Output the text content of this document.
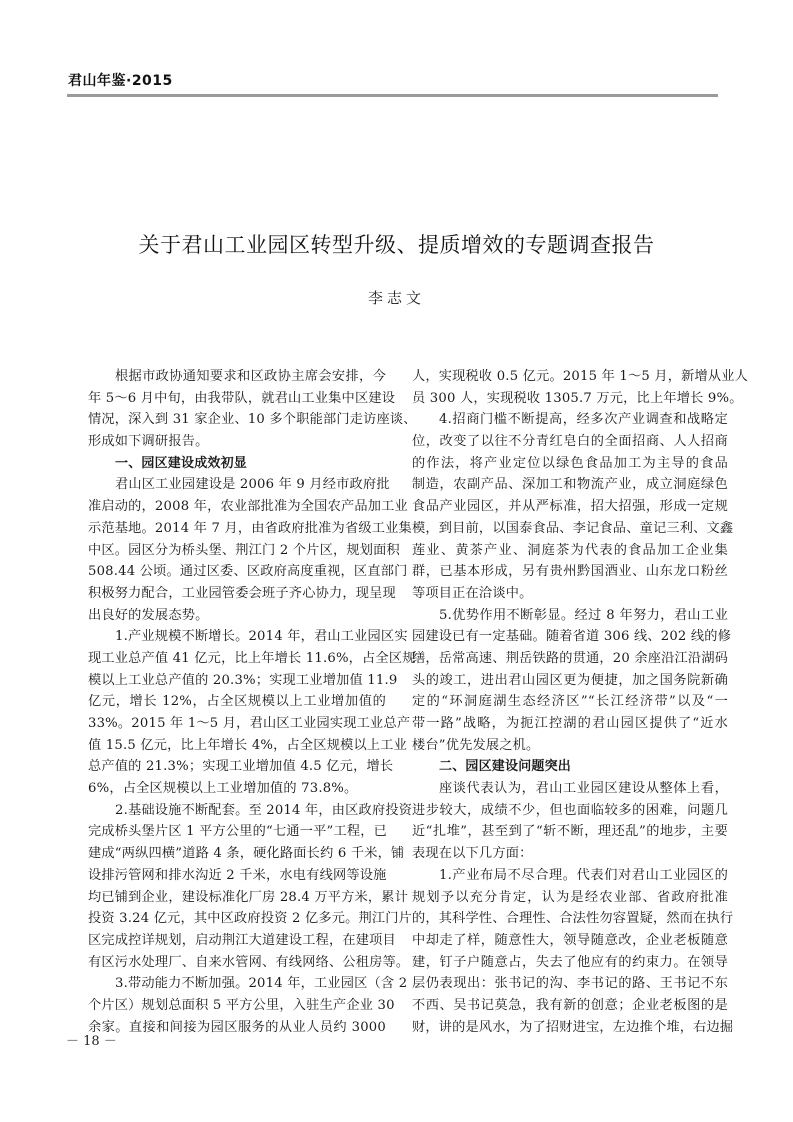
君山年鉴·2015
关于君山工业园区转型升级、提质增效的专题调查报告
李志文
根据市政协通知要求和区政协主席会安排，今
年 5～6 月中旬，由我带队，就君山工业集中区建设
情况，深入到 31 家企业、10 多个职能部门走访座谈、
形成如下调研报告。
一、园区建设成效初显
君山区工业园建设是 2006 年 9 月经市政府批
准启动的，2008 年，农业部批准为全国农产品加工业
示范基地。2014 年 7 月，由省政府批准为省级工业集
中区。园区分为桥头堡、荆江门 2 个片区，规划面积
508.44 公顷。通过区委、区政府高度重视，区直部门
积极努力配合，工业园管委会班子齐心协力，现呈现
出良好的发展态势。
1.产业规模不断增长。2014 年，君山工业园区实
现工业总产值 41 亿元，比上年增长 11.6%，占全区规
模以上工业总产值的 20.3%；实现工业增加值 11.9
亿元，增长 12%，占全区规模以上工业增加值的
33%。2015 年 1～5 月，君山区工业园实现工业总产
值 15.5 亿元，比上年增长 4%，占全区规模以上工业
总产值的 21.3%；实现工业增加值 4.5 亿元，增长
6%，占全区规模以上工业增加值的 73.8%。
2.基础设施不断配套。至 2014 年，由区政府投资
完成桥头堡片区 1 平方公里的“七通一平”工程，已
建成“两纵四横”道路 4 条，硬化路面长约 6 千米，铺
设排污管网和排水沟近 2 千米，水电有线网等设施
均已铺到企业，建设标准化厂房 28.4 万平方米，累计
投资 3.24 亿元，其中区政府投资 2 亿多元。荆江门片
区完成控详规划，启动荆江大道建设工程，在建项目
有区污水处理厂、自来水管网、有线网络、公租房等。
3.带动能力不断加强。2014 年，工业园区（含 2
个片区）规划总面积 5 平方公里，入驻生产企业 30
余家。直接和间接为园区服务的从业人员约 3000
人，实现税收 0.5 亿元。2015 年 1～5 月，新增从业人
员 300 人，实现税收 1305.7 万元，比上年增长 9%。
4.招商门槛不断提高，经多次产业调查和战略定
位，改变了以往不分青红皂白的全面招商、人人招商
的作法，将产业定位以绿色食品加工为主导的食品
制造，农副产品、深加工和物流产业，成立洞庭绿色
食品产业园区，并从严标准，招大招强，形成一定规
模，到目前，以国泰食品、李记食品、童记三利、文鑫
莲业、黄茶产业、洞庭茶为代表的食品加工企业集
群，已基本形成，另有贵州黔国酒业、山东龙口粉丝
等项目正在洽谈中。
5.优势作用不断彰显。经过 8 年努力，君山工业
园建设已有一定基础。随着省道 306 线、202 线的修
缮，岳常高速、荆岳铁路的贯通，20 余座沿江沿湖码
头的竣工，进出君山园区更为便捷，加之国务院新确
定的“环洞庭湖生态经济区”“长江经济带”以及“一
带一路”战略，为扼江控湖的君山园区提供了“近水
楼台”优先发展之机。
二、园区建设问题突出
座谈代表认为，君山工业园区建设从整体上看，
进步较大，成绩不少，但也面临较多的困难，问题几
近“扎堆”，甚至到了“斩不断，理还乱”的地步，主要
表现在以下几方面：
1.产业布局不尽合理。代表们对君山工业园区的
规划予以充分肯定，认为是经农业部、省政府批准
的，其科学性、合理性、合法性勿容置疑，然而在执行
中却走了样，随意性大，领导随意改，企业老板随意
建，钉子户随意占，失去了他应有的约束力。在领导
层仍表现出：张书记的沟、李书记的路、王书记不东
不西、吴书记莫急，我有新的创意；企业老板图的是
财，讲的是风水，为了招财进宝，左边推个堆，右边掘
－ 18 －
